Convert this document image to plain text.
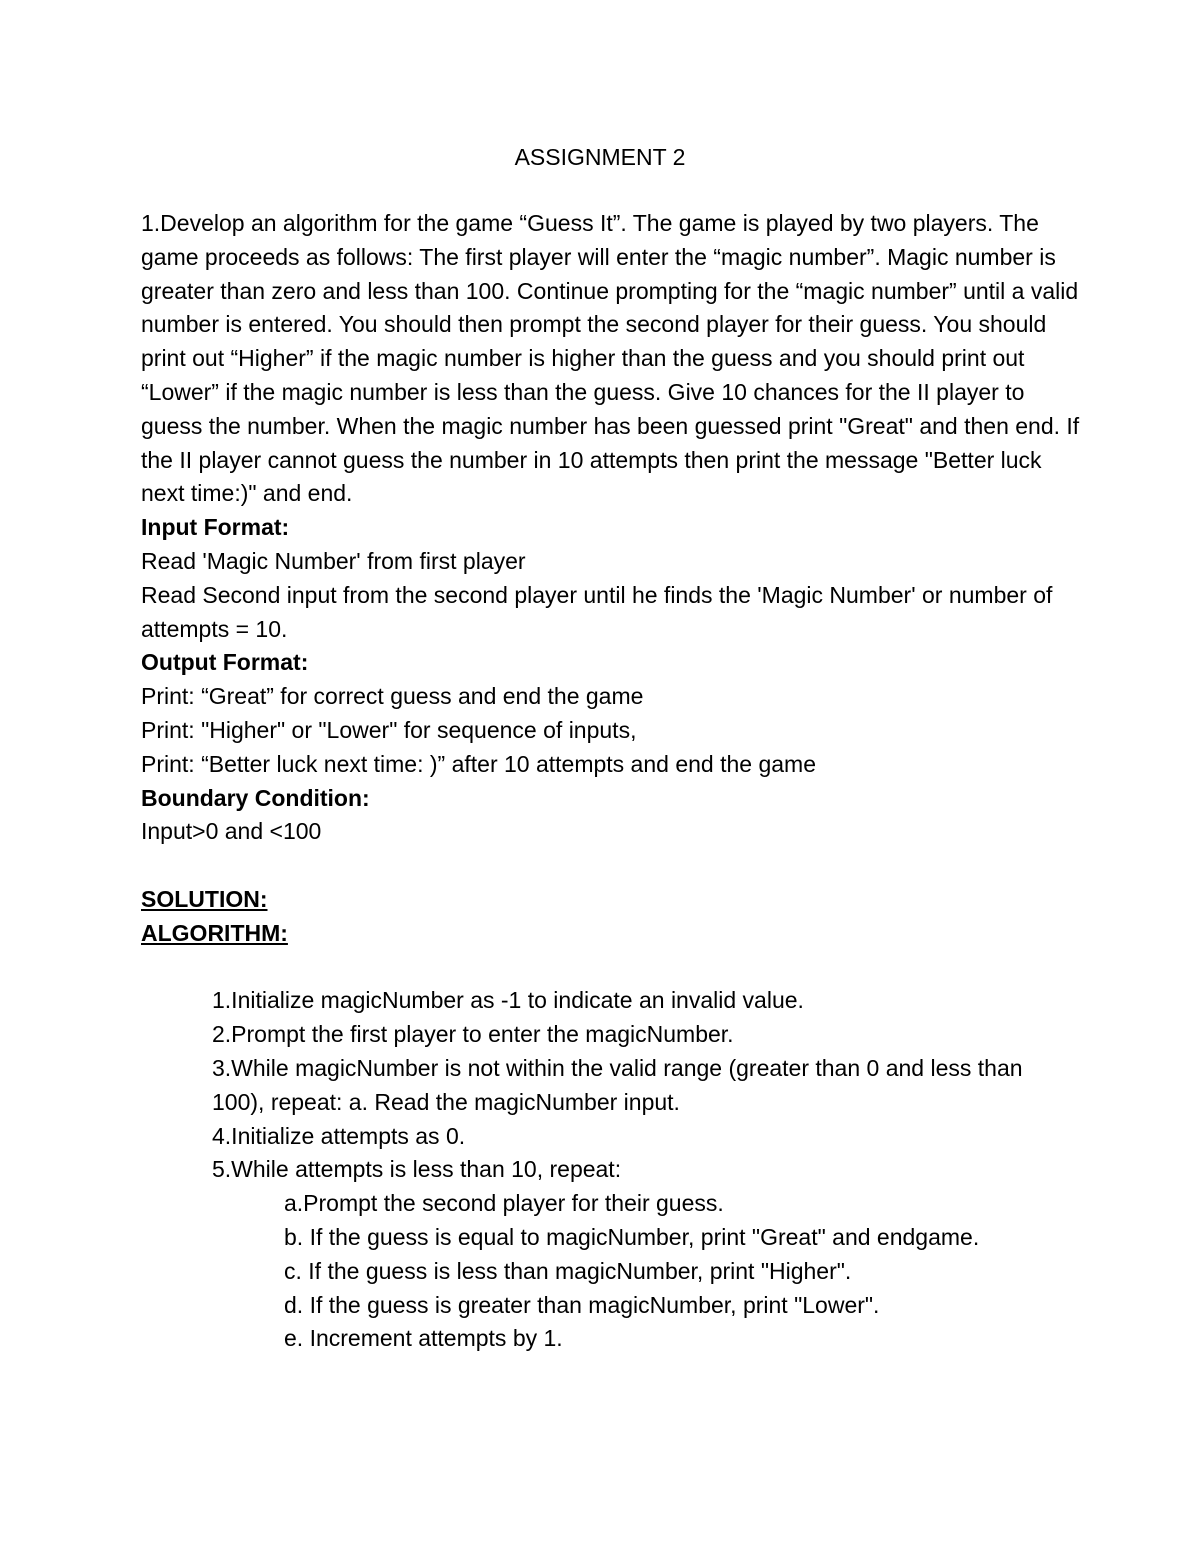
ASSIGNMENT 2

1.Develop an algorithm for the game “Guess It”. The game is played by two players. The game proceeds as follows: The first player will enter the “magic number”. Magic number is greater than zero and less than 100. Continue prompting for the “magic number” until a valid number is entered. You should then prompt the second player for their guess. You should print out “Higher” if the magic number is higher than the guess and you should print out “Lower” if the magic number is less than the guess. Give 10 chances for the II player to guess the number. When the magic number has been guessed print "Great" and then end. If the II player cannot guess the number in 10 attempts then print the message "Better luck next time:)" and end.

Input Format:

Read 'Magic Number' from first player

Read Second input from the second player until he finds the 'Magic Number' or number of attempts = 10.

Output Format:

Print: “Great” for correct guess and end the game

Print: "Higher" or "Lower" for sequence of inputs,

Print: “Better luck next time: )” after 10 attempts and end the game

Boundary Condition:

Input>0 and <100

SOLUTION:

ALGORITHM:

1.Initialize magicNumber as -1 to indicate an invalid value.

2.Prompt the first player to enter the magicNumber.

3.While magicNumber is not within the valid range (greater than 0 and less than 100), repeat: a. Read the magicNumber input.

4.Initialize attempts as 0.

5.While attempts is less than 10, repeat:

a.Prompt the second player for their guess.

b. If the guess is equal to magicNumber, print "Great" and endgame.

c. If the guess is less than magicNumber, print "Higher".

d. If the guess is greater than magicNumber, print "Lower".

e. Increment attempts by 1.
